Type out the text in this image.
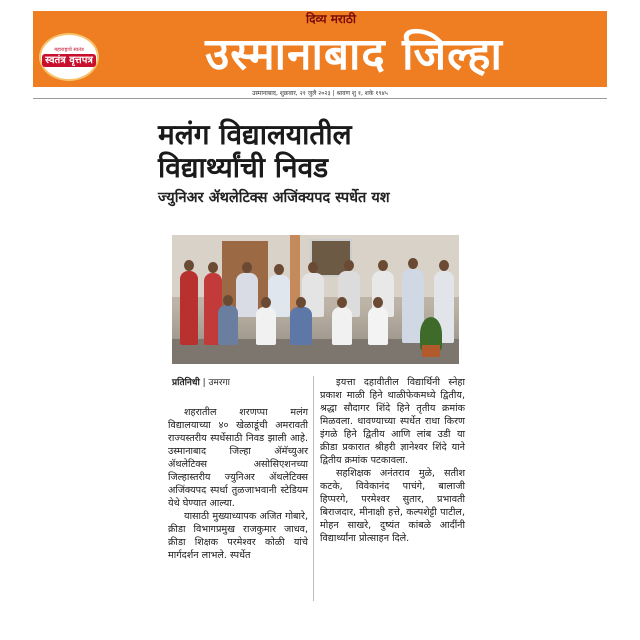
महाराष्ट्राचे स्वतंत्र
स्वतंत्र वृत्तपत्र
दिव्य मराठी
उस्मानाबाद जिल्हा
उस्मानाबाद, शुक्रवार, २१ जुलै २०२३ | श्रावण शु १, शके १९४५
मलंग विद्यालयातील
विद्यार्थ्यांची निवड
ज्युनिअर ॲथलेटिक्स अजिंक्यपद स्पर्धेत यश
प्रतिनिधी | उमरगा

शहरातील शरणप्पा मलंग विद्यालयाच्या ४० खेळाडूंची अमरावती राज्यस्तरीय स्पर्धेसाठी निवड झाली आहे. उस्मानाबाद जिल्हा ॲमॅच्युअर ॲथलेटिक्स असोसिएशनच्या जिल्हास्तरीय ज्युनिअर ॲथलेटिक्स अजिंक्यपद स्पर्धा तुळजाभवानी स्टेडियम येथे घेण्यात आल्या.

यासाठी मुख्याध्यापक अजित गोबारे, क्रीडा विभागप्रमुख राजकुमार जाधव, क्रीडा शिक्षक परमेश्वर कोळी यांचे मार्गदर्शन लाभले. स्पर्धेत

इयत्ता दहावीतील विद्यार्थिनी स्नेहा प्रकाश माळी हिने थाळीफेकमध्ये द्वितीय, श्रद्धा सौदागर शिंदे हिने तृतीय क्रमांक मिळवला. धावण्याच्या स्पर्धेत राधा किरण इंगळे हिने द्वितीय आणि लांब उडी या क्रीडा प्रकारात श्रीहरी ज्ञानेश्वर शिंदे याने द्वितीय क्रमांक पटकावला.

सहशिक्षक अनंतराव मुळे, सतीश कटके, विवेकानंद पाचंगे, बालाजी हिप्परगे, परमेश्वर सुतार, प्रभावती बिराजदार, मीनाक्षी हत्ते, कल्पशेट्टी पाटील, मोहन साखरे, दुष्यंत कांबळे आदींनी विद्यार्थ्यांना प्रोत्साहन दिले.
